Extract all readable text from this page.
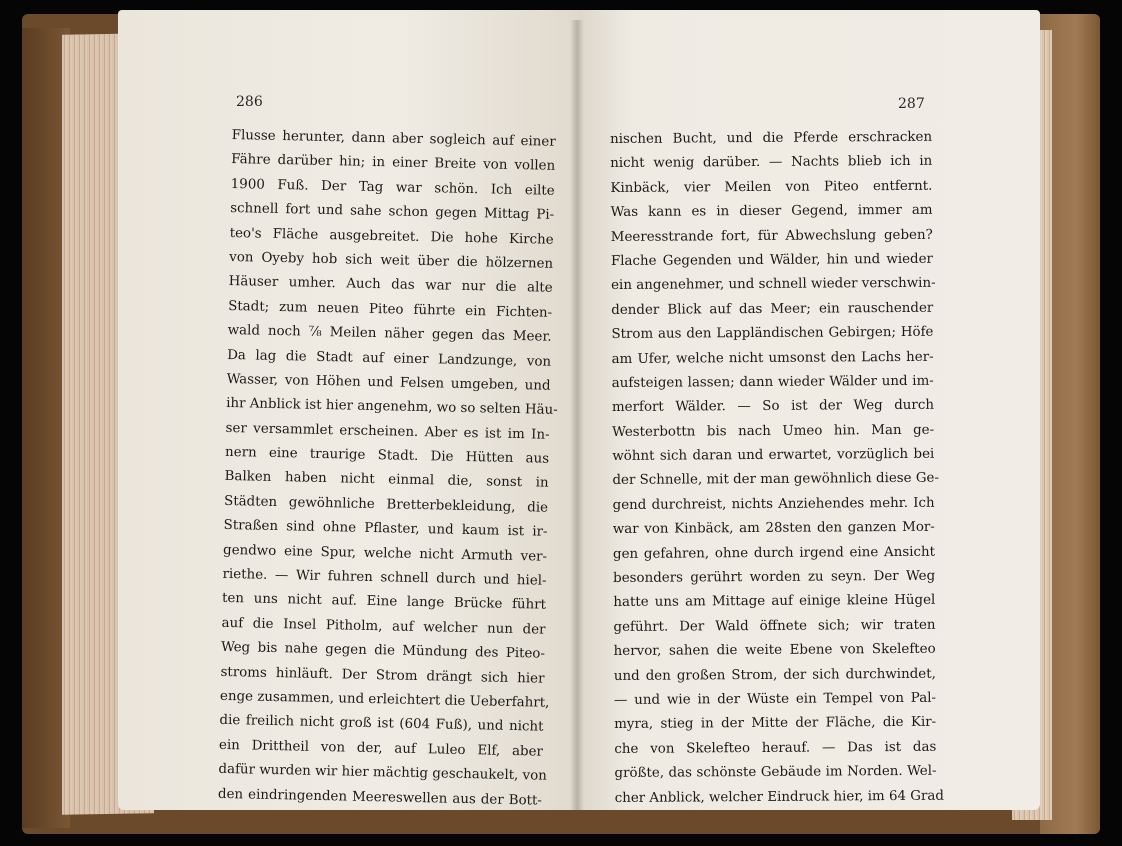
286
Flusse herunter, dann aber sogleich auf einer
Fähre darüber hin; in einer Breite von vollen
1900 Fuß. Der Tag war schön. Ich eilte
schnell fort und sahe schon gegen Mittag Pi-
teo's Fläche ausgebreitet. Die hohe Kirche
von Oyeby hob sich weit über die hölzernen
Häuser umher. Auch das war nur die alte
Stadt; zum neuen Piteo führte ein Fichten-
wald noch ⅞ Meilen näher gegen das Meer.
Da lag die Stadt auf einer Landzunge, von
Wasser, von Höhen und Felsen umgeben, und
ihr Anblick ist hier angenehm, wo so selten Häu-
ser versammlet erscheinen. Aber es ist im In-
nern eine traurige Stadt. Die Hütten aus
Balken haben nicht einmal die, sonst in
Städten gewöhnliche Bretterbekleidung, die
Straßen sind ohne Pflaster, und kaum ist ir-
gendwo eine Spur, welche nicht Armuth ver-
riethe. — Wir fuhren schnell durch und hiel-
ten uns nicht auf. Eine lange Brücke führt
auf die Insel Pitholm, auf welcher nun der
Weg bis nahe gegen die Mündung des Piteo-
stroms hinläuft. Der Strom drängt sich hier
enge zusammen, und erleichtert die Ueberfahrt,
die freilich nicht groß ist (604 Fuß), und nicht
ein Drittheil von der, auf Luleo Elf, aber
dafür wurden wir hier mächtig geschaukelt, von
den eindringenden Meereswellen aus der Bott-
287
nischen Bucht, und die Pferde erschracken
nicht wenig darüber. — Nachts blieb ich in
Kinbäck, vier Meilen von Piteo entfernt.
Was kann es in dieser Gegend, immer am
Meeresstrande fort, für Abwechslung geben?
Flache Gegenden und Wälder, hin und wieder
ein angenehmer, und schnell wieder verschwin-
dender Blick auf das Meer; ein rauschender
Strom aus den Lappländischen Gebirgen; Höfe
am Ufer, welche nicht umsonst den Lachs her-
aufsteigen lassen; dann wieder Wälder und im-
merfort Wälder. — So ist der Weg durch
Westerbottn bis nach Umeo hin. Man ge-
wöhnt sich daran und erwartet, vorzüglich bei
der Schnelle, mit der man gewöhnlich diese Ge-
gend durchreist, nichts Anziehendes mehr. Ich
war von Kinbäck, am 28sten den ganzen Mor-
gen gefahren, ohne durch irgend eine Ansicht
besonders gerührt worden zu seyn. Der Weg
hatte uns am Mittage auf einige kleine Hügel
geführt. Der Wald öffnete sich; wir traten
hervor, sahen die weite Ebene von Skelefteo
und den großen Strom, der sich durchwindet,
— und wie in der Wüste ein Tempel von Pal-
myra, stieg in der Mitte der Fläche, die Kir-
che von Skelefteo herauf. — Das ist das
größte, das schönste Gebäude im Norden. Wel-
cher Anblick, welcher Eindruck hier, im 64 Grad
